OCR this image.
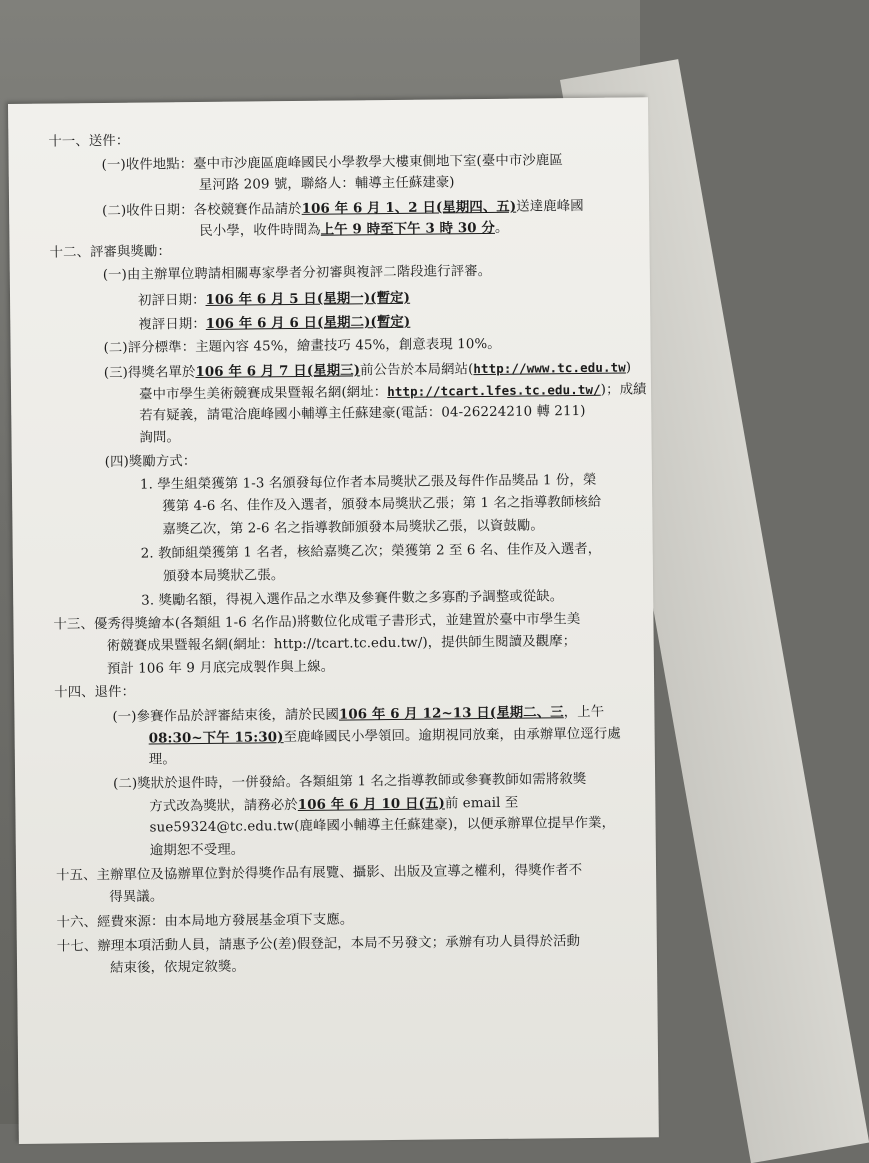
十一、送件：
(一)收件地點：臺中市沙鹿區鹿峰國民小學教學大樓東側地下室(臺中市沙鹿區
星河路 209 號，聯絡人：輔導主任蘇建豪)
(二)收件日期：各校競賽作品請於106 年 6 月 1、2 日(星期四、五)送達鹿峰國
民小學，收件時間為上午 9 時至下午 3 時 30 分。
十二、評審與獎勵：
(一)由主辦單位聘請相關專家學者分初審與複評二階段進行評審。
初評日期：106 年 6 月 5 日(星期一)(暫定)
複評日期：106 年 6 月 6 日(星期二)(暫定)
(二)評分標準：主題內容 45%，繪畫技巧 45%，創意表現 10%。
(三)得獎名單於106 年 6 月 7 日(星期三)前公告於本局網站(http://www.tc.edu.tw)
臺中市學生美術競賽成果暨報名網(網址：http://tcart.lfes.tc.edu.tw/)；成績
若有疑義，請電洽鹿峰國小輔導主任蘇建豪(電話：04-26224210 轉 211)
詢問。
(四)獎勵方式：
1. 學生組榮獲第 1-3 名頒發每位作者本局獎狀乙張及每件作品獎品 1 份，榮
獲第 4-6 名、佳作及入選者，頒發本局獎狀乙張；第 1 名之指導教師核給
嘉獎乙次，第 2-6 名之指導教師頒發本局獎狀乙張，以資鼓勵。
2. 教師組榮獲第 1 名者，核給嘉獎乙次；榮獲第 2 至 6 名、佳作及入選者，
頒發本局獎狀乙張。
3. 獎勵名額，得視入選作品之水準及參賽件數之多寡酌予調整或從缺。
十三、優秀得獎繪本(各類組 1-6 名作品)將數位化成電子書形式，並建置於臺中市學生美
術競賽成果暨報名網(網址：http://tcart.tc.edu.tw/)，提供師生閱讀及觀摩；
預計 106 年 9 月底完成製作與上線。
十四、退件：
(一)參賽作品於評審結束後，請於民國106 年 6 月 12~13 日(星期二、三，上午
08:30~下午 15:30)至鹿峰國民小學領回。逾期視同放棄，由承辦單位逕行處
理。
(二)獎狀於退件時，一併發給。各類組第 1 名之指導教師或參賽教師如需將敘獎
方式改為獎狀，請務必於106 年 6 月 10 日(五)前 email 至
sue59324@tc.edu.tw(鹿峰國小輔導主任蘇建豪)，以便承辦單位提早作業，
逾期恕不受理。
十五、主辦單位及協辦單位對於得獎作品有展覽、攝影、出版及宣導之權利，得獎作者不
得異議。
十六、經費來源：由本局地方發展基金項下支應。
十七、辦理本項活動人員，請惠予公(差)假登記，本局不另發文；承辦有功人員得於活動
結束後，依規定敘獎。
